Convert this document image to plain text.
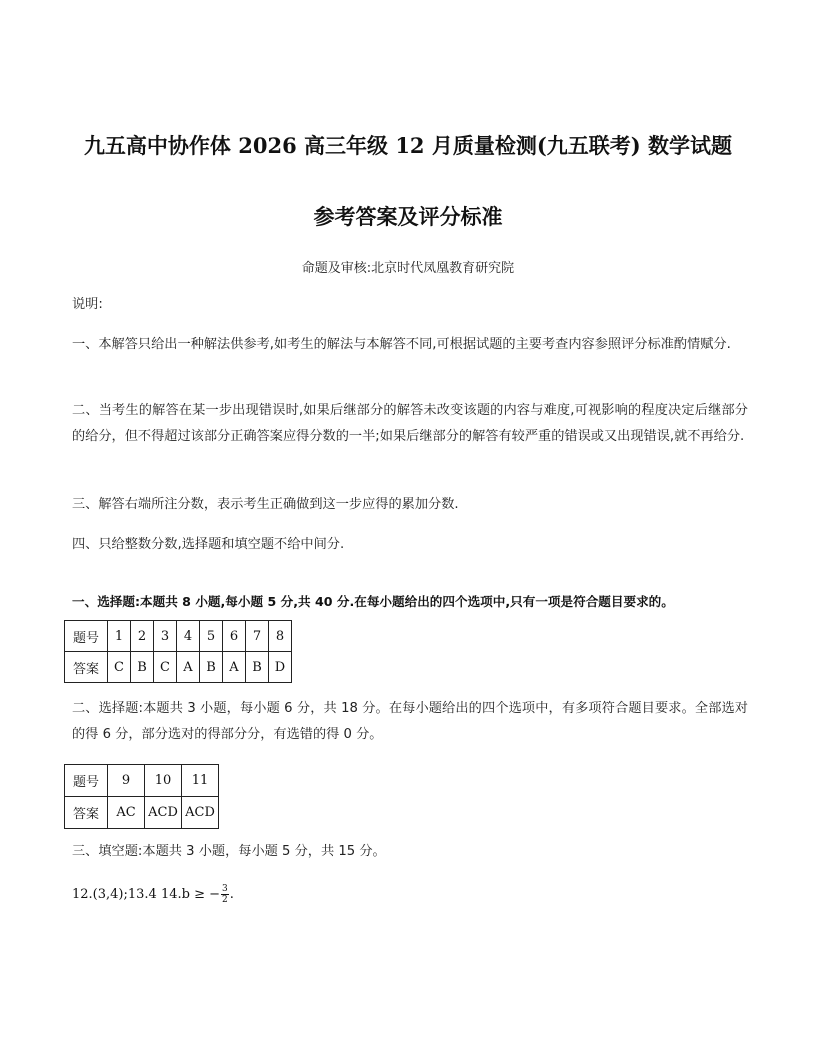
九五高中协作体 2026 高三年级 12 月质量检测(九五联考) 数学试题
参考答案及评分标准
命题及审核:北京时代凤凰教育研究院
说明:
一、本解答只给出一种解法供参考,如考生的解法与本解答不同,可根据试题的主要考查内容参照评分标准酌情赋分.
二、当考生的解答在某一步出现错误时,如果后继部分的解答未改变该题的内容与难度,可视影响的程度决定后继部分的给分，但不得超过该部分正确答案应得分数的一半;如果后继部分的解答有较严重的错误或又出现错误,就不再给分.
三、解答右端所注分数，表示考生正确做到这一步应得的累加分数.
四、只给整数分数,选择题和填空题不给中间分.
一、选择题:本题共 8 小题,每小题 5 分,共 40 分.在每小题给出的四个选项中,只有一项是符合题目要求的。
题号	1	2	3	4	5	6	7	8
答案	C	B	C	A	B	A	B	D
二、选择题:本题共 3 小题，每小题 6 分，共 18 分。在每小题给出的四个选项中，有多项符合题目要求。全部选对的得 6 分，部分选对的得部分分，有选错的得 0 分。
题号	9	10	11
答案	AC	ACD	ACD
三、填空题:本题共 3 小题，每小题 5 分，共 15 分。
12.(3,4);13.4 14.b ≥ − $\frac{3}{2}$ .
